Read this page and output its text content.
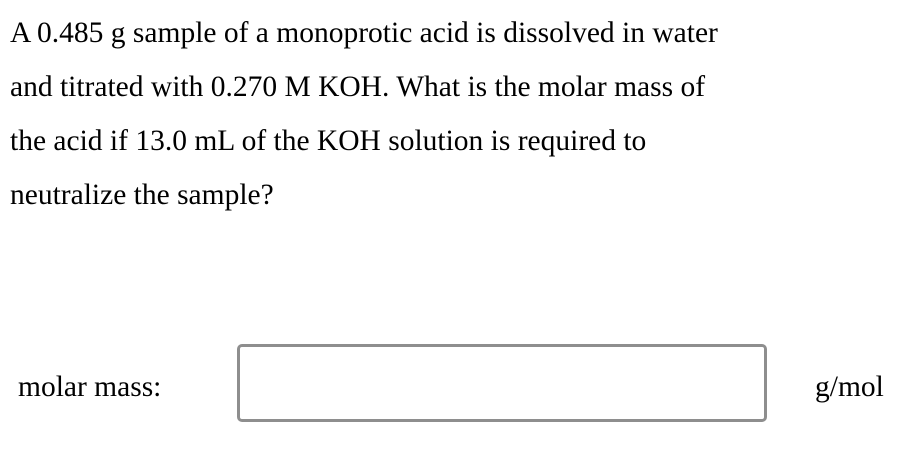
A 0.485 g sample of a monoprotic acid is dissolved in water
and titrated with 0.270 M KOH. What is the molar mass of
the acid if 13.0 mL of the KOH solution is required to
neutralize the sample?
molar mass:	g/mol
